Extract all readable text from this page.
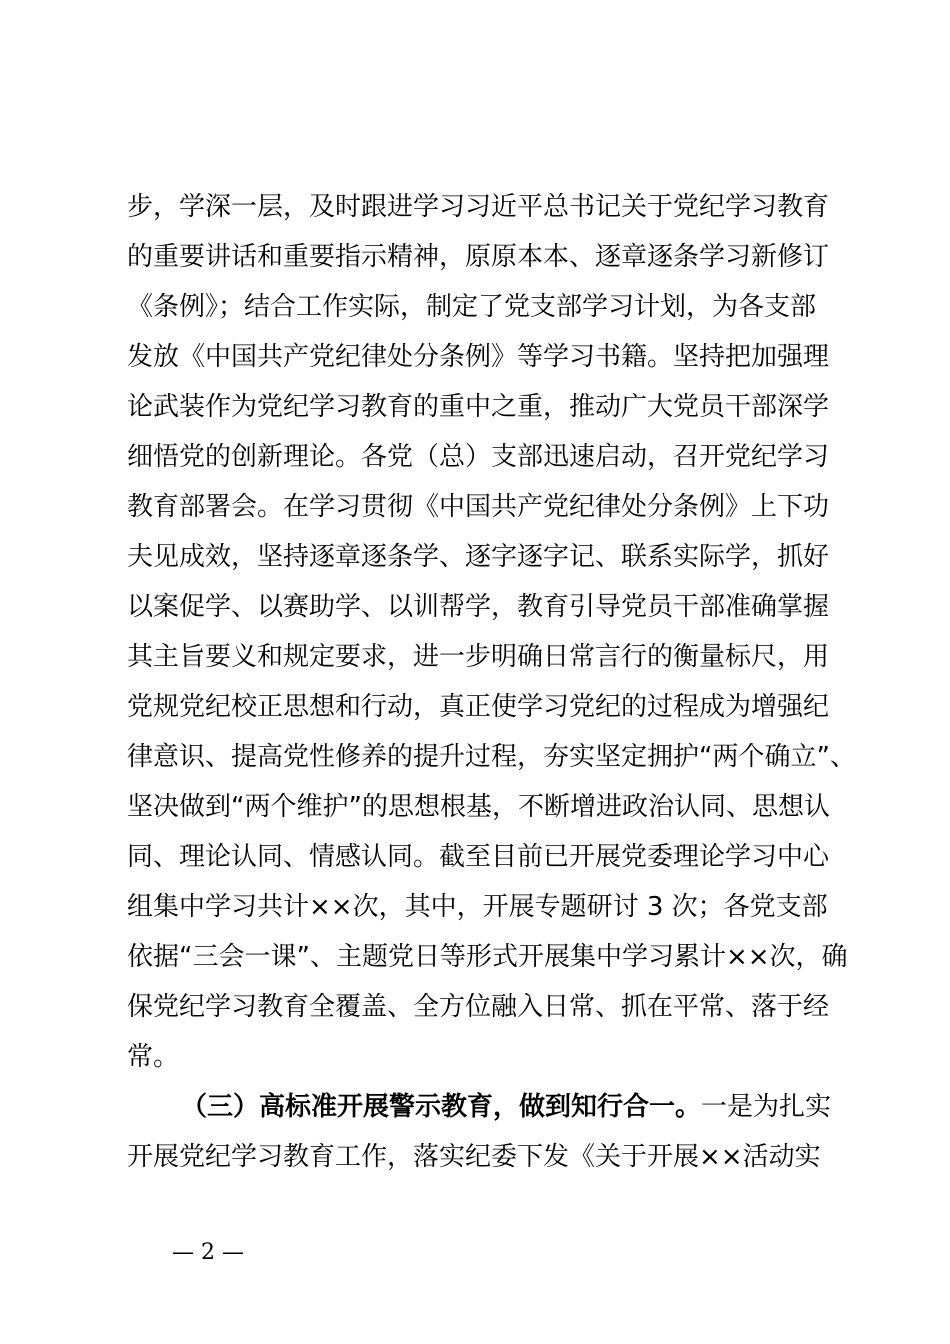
步，学深一层，及时跟进学习习近平总书记关于党纪学习教育
的重要讲话和重要指示精神，原原本本、逐章逐条学习新修订
《条例》；结合工作实际，制定了党支部学习计划，为各支部
发放《中国共产党纪律处分条例》等学习书籍。坚持把加强理
论武装作为党纪学习教育的重中之重，推动广大党员干部深学
细悟党的创新理论。各党（总）支部迅速启动，召开党纪学习
教育部署会。在学习贯彻《中国共产党纪律处分条例》上下功
夫见成效，坚持逐章逐条学、逐字逐字记、联系实际学，抓好
以案促学、以赛助学、以训帮学，教育引导党员干部准确掌握
其主旨要义和规定要求，进一步明确日常言行的衡量标尺，用
党规党纪校正思想和行动，真正使学习党纪的过程成为增强纪
律意识、提高党性修养的提升过程，夯实坚定拥护“两个确立”、
坚决做到“两个维护”的思想根基，不断增进政治认同、思想认
同、理论认同、情感认同。截至目前已开展党委理论学习中心
组集中学习共计××次，其中，开展专题研讨 3 次；各党支部
依据“三会一课”、主题党日等形式开展集中学习累计××次，确
保党纪学习教育全覆盖、全方位融入日常、抓在平常、落于经
常。
（三）高标准开展警示教育，做到知行合一。一是为扎实
开展党纪学习教育工作，落实纪委下发《关于开展××活动实
— 2 —
